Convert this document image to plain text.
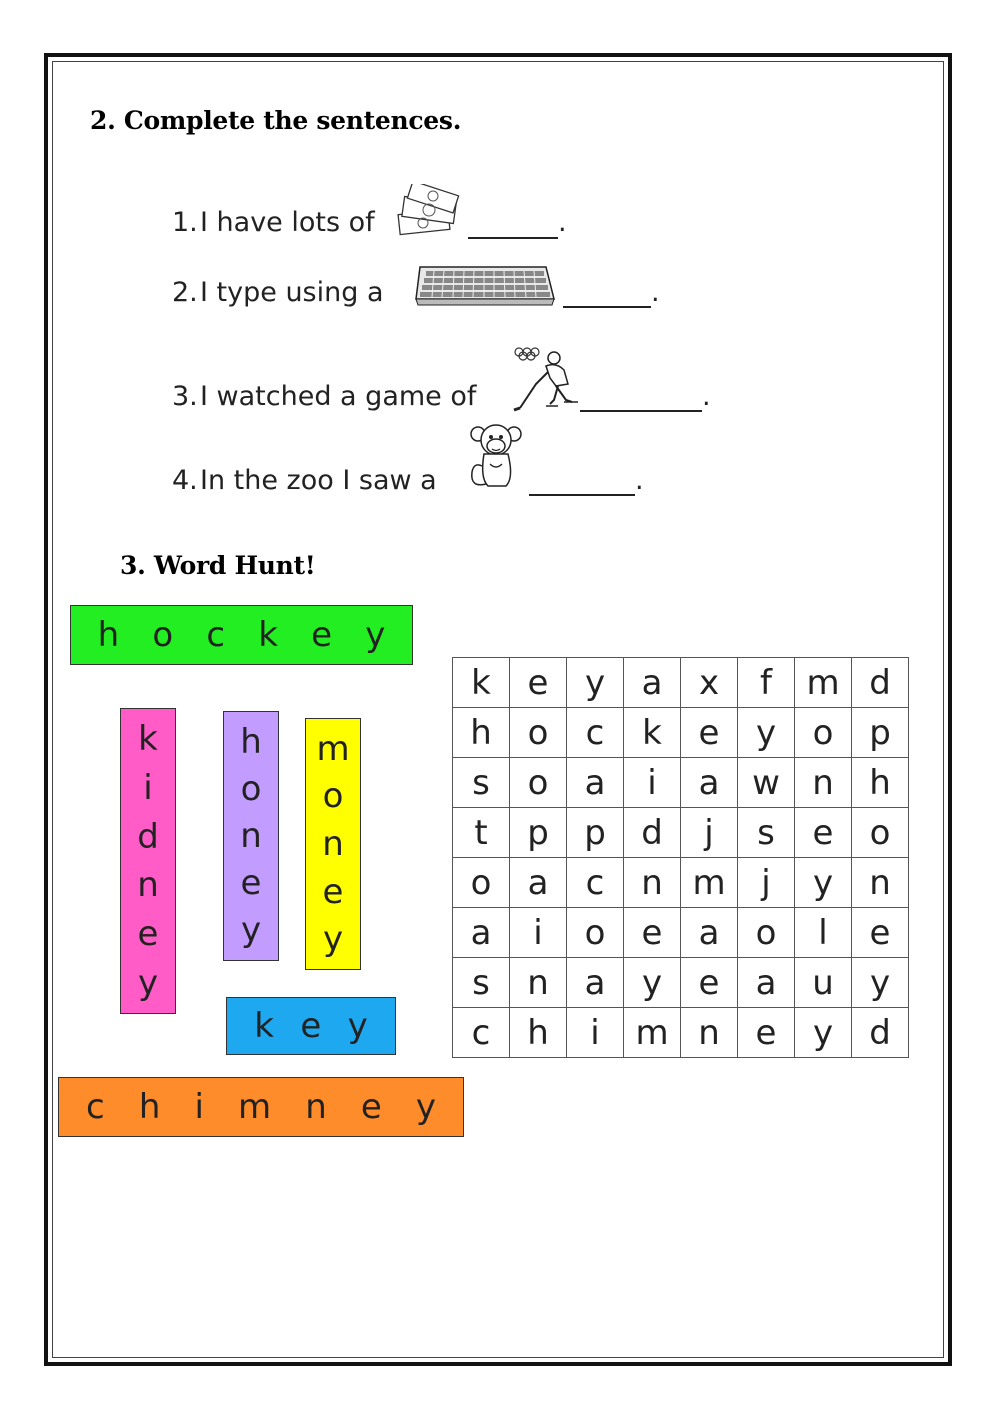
2. Complete the sentences.
1.I have lots of	.
2.I type using a	.
3.I watched a game of	.
4.In the zoo I saw a	.
3. Word Hunt!
h o c k e y
k
i
d
n
e
y
h
o
n
e
y
m
o
n
e
y
k e y
c h i m n e y
k	e	y	a	x	f	m	d
h	o	c	k	e	y	o	p
s	o	a	i	a	w	n	h
t	p	p	d	j	s	e	o
o	a	c	n	m	j	y	n
a	i	o	e	a	o	l	e
s	n	a	y	e	a	u	y
c	h	i	m	n	e	y	d
